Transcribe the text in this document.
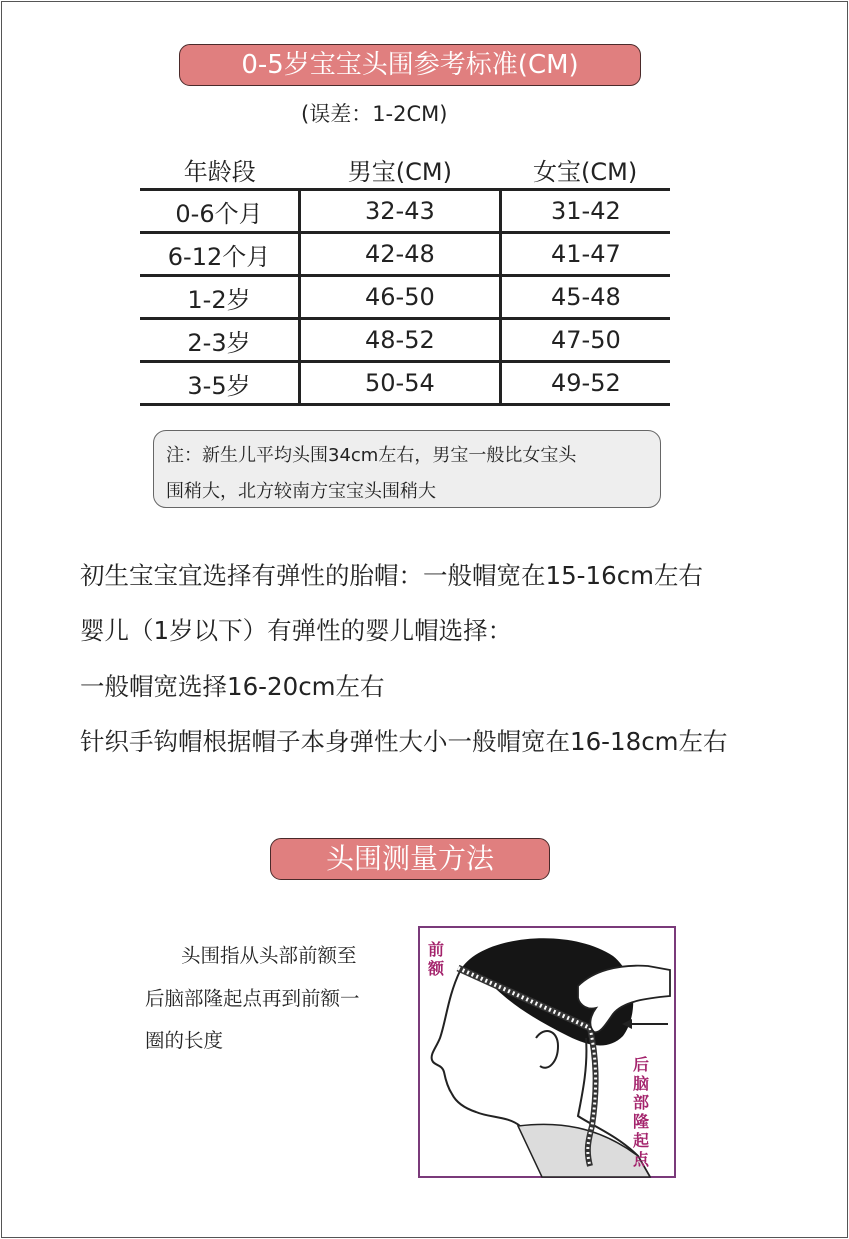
0-5岁宝宝头围参考标准(CM)
(误差：1-2CM)
年龄段	男宝(CM)	女宝(CM)
0-6个月	32-43	31-42
6-12个月	42-48	41-47
1-2岁	46-50	45-48
2-3岁	48-52	47-50
3-5岁	50-54	49-52
注：新生儿平均头围34cm左右，男宝一般比女宝头
围稍大，北方较南方宝宝头围稍大
初生宝宝宜选择有弹性的胎帽：一般帽宽在15-16cm左右
婴儿（1岁以下）有弹性的婴儿帽选择：
一般帽宽选择16-20cm左右
针织手钩帽根据帽子本身弹性大小一般帽宽在16-18cm左右
头围测量方法
头围指从头部前额至
后脑部隆起点再到前额一
圈的长度
前额
后脑部隆起点
